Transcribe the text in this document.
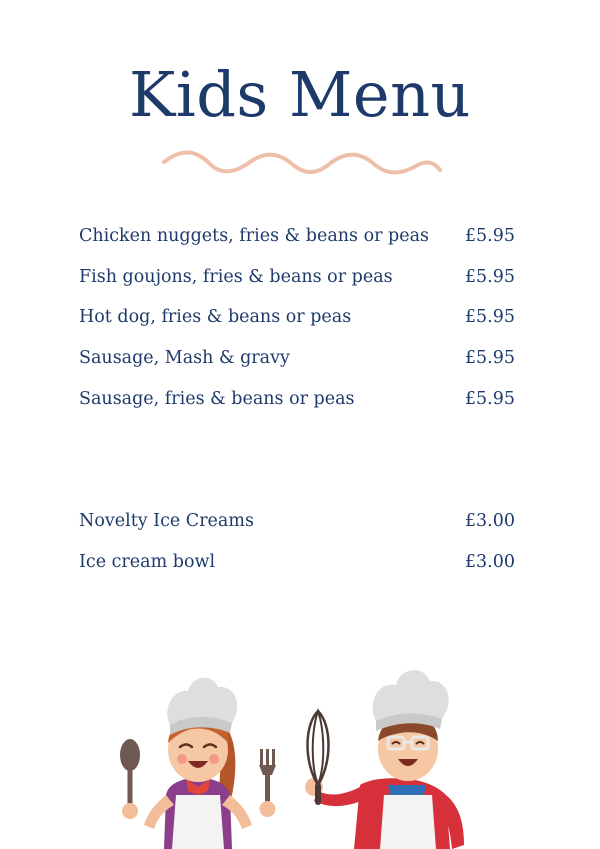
Kids Menu
Chicken nuggets, fries & beans or peas £5.95
Fish goujons, fries & beans or peas	£5.95
Hot dog, fries & beans or peas	£5.95
Sausage, Mash & gravy	£5.95
Sausage, fries & beans or peas	£5.95
Novelty Ice Creams	£3.00
Ice cream bowl	£3.00
